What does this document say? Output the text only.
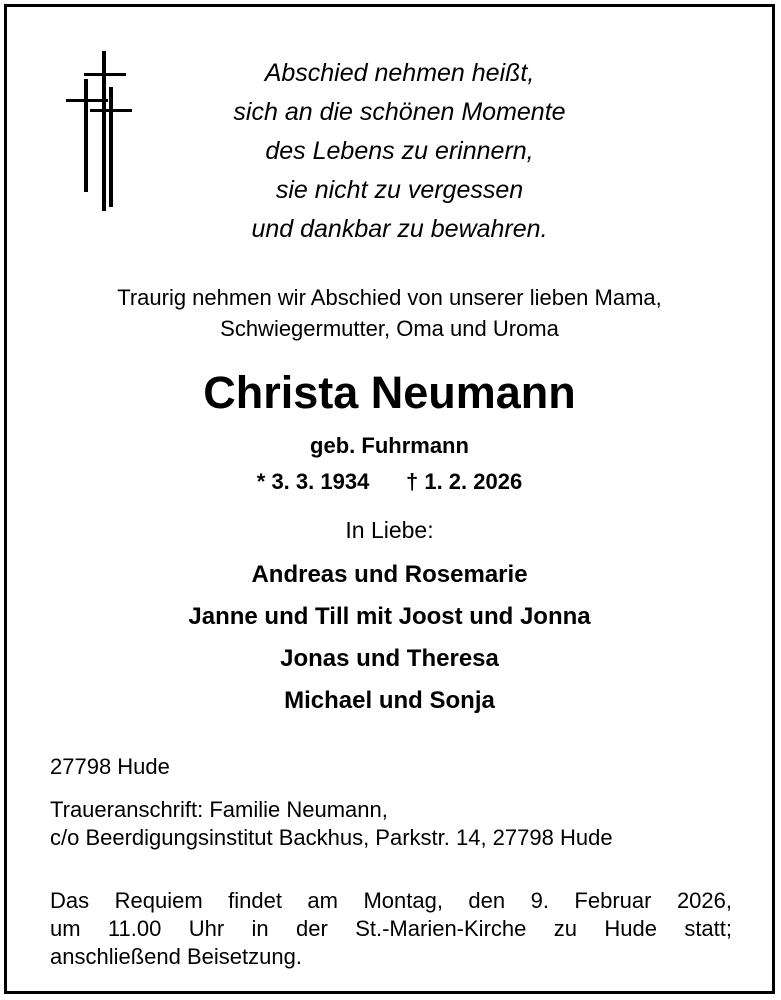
Abschied nehmen heißt,
sich an die schönen Momente
des Lebens zu erinnern,
sie nicht zu vergessen
und dankbar zu bewahren.
Traurig nehmen wir Abschied von unserer lieben Mama,
Schwiegermutter, Oma und Uroma
Christa Neumann
geb. Fuhrmann
* 3. 3. 1934 † 1. 2. 2026
In Liebe:
Andreas und Rosemarie
Janne und Till mit Joost und Jonna
Jonas und Theresa
Michael und Sonja
27798 Hude
Traueranschrift: Familie Neumann,
c/o Beerdigungsinstitut Backhus, Parkstr. 14, 27798 Hude
Das Requiem findet am Montag, den 9. Februar 2026,
um 11.00 Uhr in der St.-Marien-Kirche zu Hude statt;
anschließend Beisetzung.
